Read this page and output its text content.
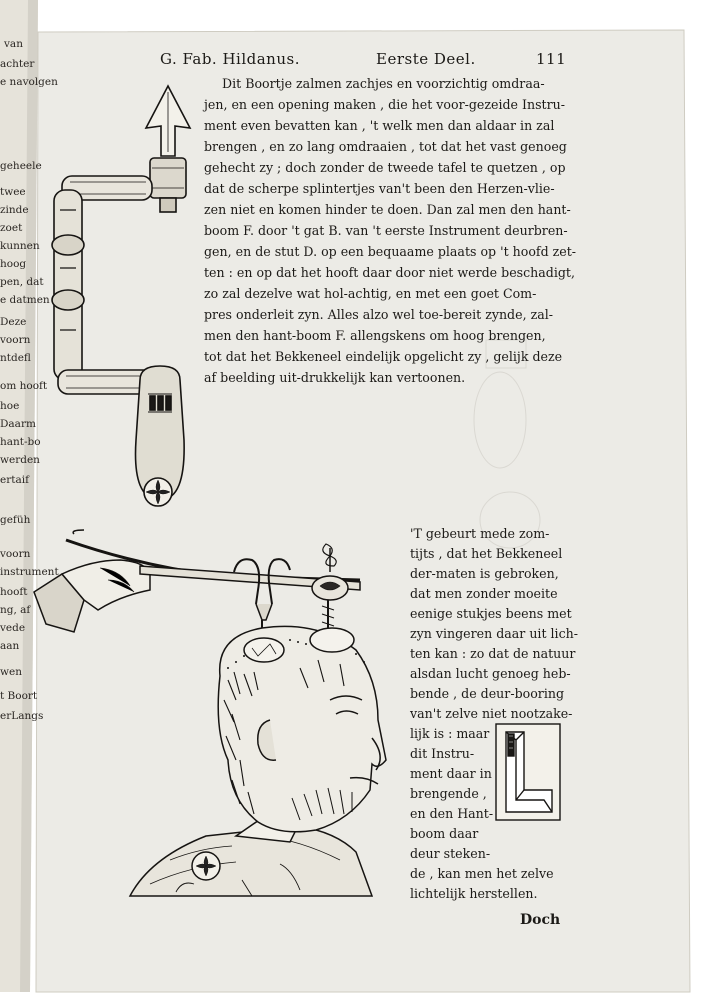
van
achter
e navolgen
geheele
twee
zinde
zoet
kunnen
hoog
pen, dat
e datmen
Deze
voorn
ntdefl
om hooft
hoe
Daarm
hant-bo
werden
ertaif
gefüh
voorn
instrument
hooft
ng, af
vede
aan
wen
t Boort
erLangs
G. Fab. Hildanus.	Eerste Deel.	111
Dit Boortje zalmen zachjes en voorzichtig omdraa-
jen, en een opening maken , die het voor-gezeide Instru-
ment even bevatten kan , 't welk men dan aldaar in zal
brengen , en zo lang omdraaien , tot dat het vast genoeg
gehecht zy ; doch zonder de tweede tafel te quetzen , op
dat de scherpe splintertjes van't been den Herzen-vlie-
zen niet en komen hinder te doen. Dan zal men den hant-
boom F. door 't gat B. van 't eerste Instrument deurbren-
gen, en de stut D. op een bequaame plaats op 't hoofd zet-
ten : en op dat het hooft daar door niet werde beschadigt,
zo zal dezelve wat hol-achtig, en met een goet Com-
pres onderleit zyn. Alles alzo wel toe-bereit zynde, zal-
men den hant-boom F. allengskens om hoog brengen,
tot dat het Bekkeneel eindelijk opgelicht zy , gelijk deze
af beelding uit-drukkelijk kan vertoonen.
'T gebeurt mede zom-
tijts , dat het Bekkeneel
der-maten is gebroken,
dat men zonder moeite
eenige stukjes beens met
zyn vingeren daar uit lich-
ten kan : zo dat de natuur
alsdan lucht genoeg heb-
bende , de deur-booring
van't zelve niet nootzake-
lijk is : maar
dit Instru-
ment daar in
brengende ,
en den Hant-
boom daar
deur steken-
de , kan men het zelve
lichtelijk herstellen.
Doch
